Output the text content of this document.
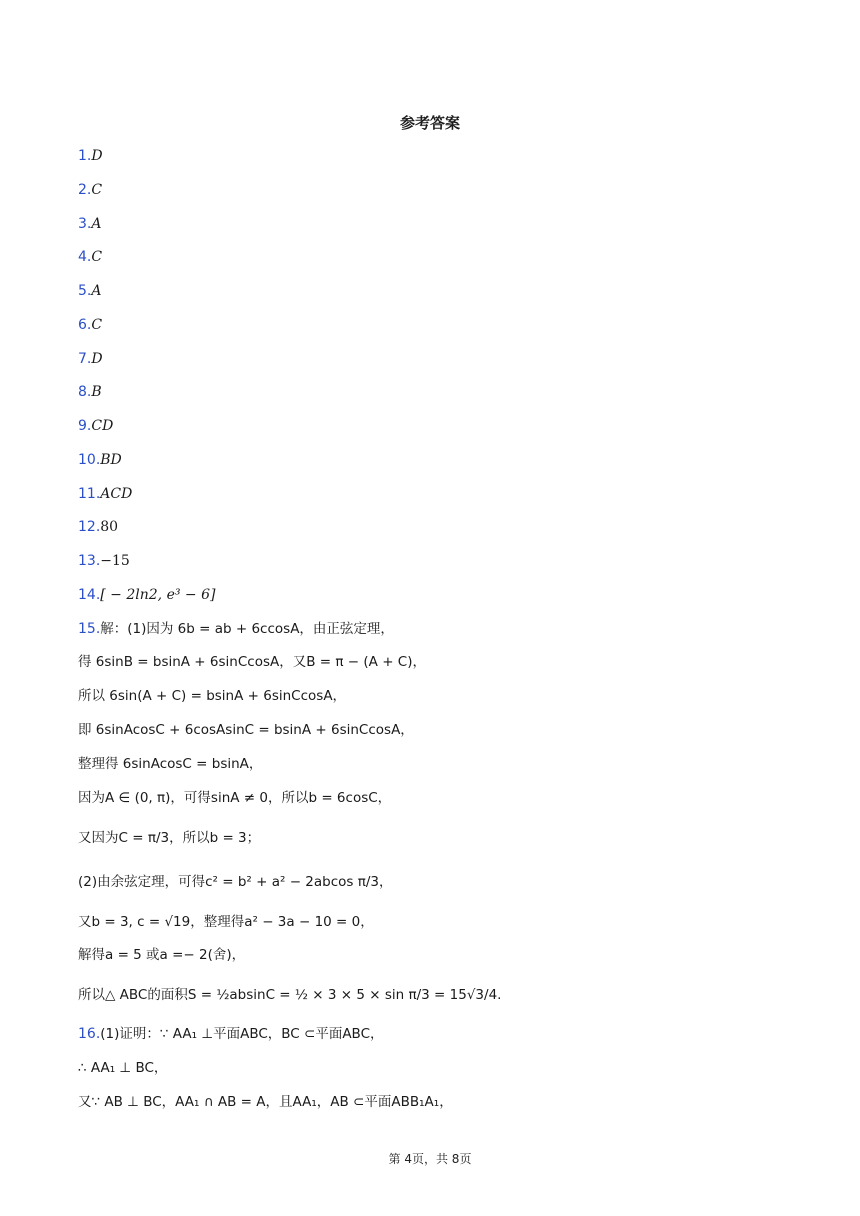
参考答案
1.D
2.C
3.A
4.C
5.A
6.C
7.D
8.B
9.CD
10.BD
11.ACD
12.80
13.−15
14.[ − 2ln2, e³ − 6]
15.解：(1)因为 6b = ab + 6ccosA，由正弦定理，
得 6sinB = bsinA + 6sinCcosA，又B = π − (A + C)，
所以 6sin(A + C) = bsinA + 6sinCcosA，
即 6sinAcosC + 6cosAsinC = bsinA + 6sinCcosA，
整理得 6sinAcosC = bsinA，
因为A ∈ (0, π)，可得sinA ≠ 0，所以b = 6cosC，
又因为C = π/3，所以b = 3；
(2)由余弦定理，可得c² = b² + a² − 2abcos π/3，
又b = 3, c = √19，整理得a² − 3a − 10 = 0，
解得a = 5 或a =− 2(舍)，
所以△ ABC的面积S = ½absinC = ½ × 3 × 5 × sin π/3 = 15√3/4.
16.(1)证明：∵ AA₁ ⊥平面ABC，BC ⊂平面ABC，
∴ AA₁ ⊥ BC，
又∵ AB ⊥ BC，AA₁ ∩ AB = A，且AA₁，AB ⊂平面ABB₁A₁，
第 4页，共 8页
